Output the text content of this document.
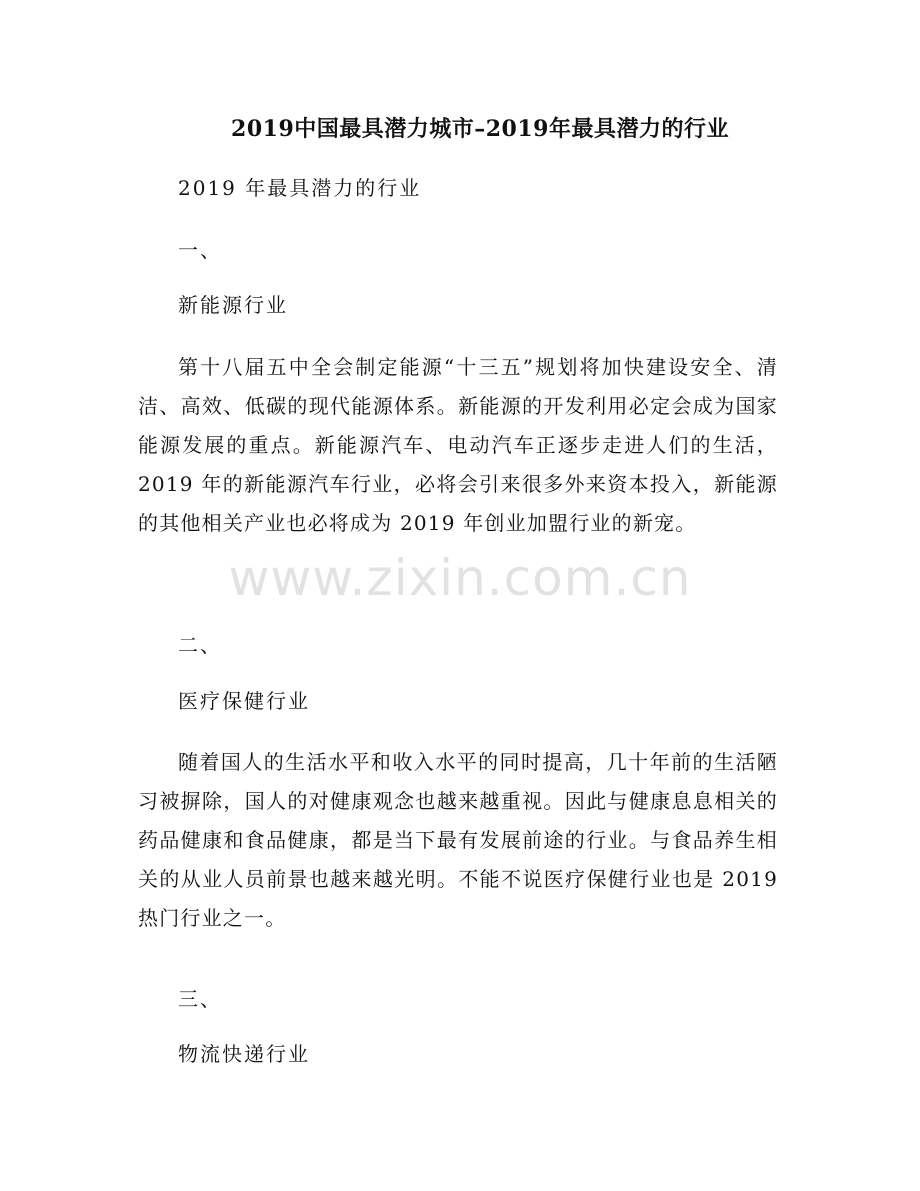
2019中国最具潜力城市–2019年最具潜力的行业
2019 年最具潜力的行业
一、
新能源行业
第十八届五中全会制定能源“十三五”规划将加快建设安全、清洁、高效、低碳的现代能源体系。新能源的开发利用必定会成为国家能源发展的重点。新能源汽车、电动汽车正逐步走进人们的生活，2019 年的新能源汽车行业，必将会引来很多外来资本投入，新能源的其他相关产业也必将成为 2019 年创业加盟行业的新宠。
二、
医疗保健行业
随着国人的生活水平和收入水平的同时提高，几十年前的生活陋习被摒除，国人的对健康观念也越来越重视。因此与健康息息相关的药品健康和食品健康，都是当下最有发展前途的行业。与食品养生相关的从业人员前景也越来越光明。不能不说医疗保健行业也是 2019 热门行业之一。
三、
物流快递行业
www.zixin.com.cn
